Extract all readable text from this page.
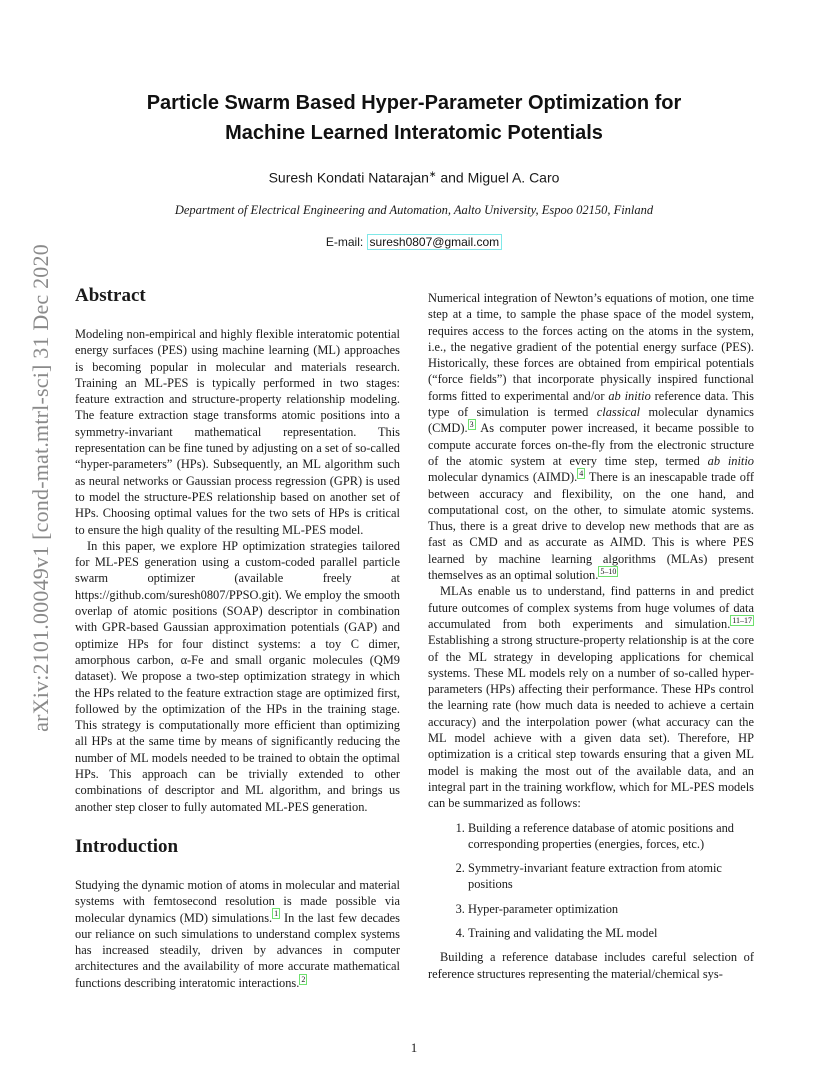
arXiv:2101.00049v1 [cond-mat.mtrl-sci] 31 Dec 2020
Particle Swarm Based Hyper-Parameter Optimization for
Machine Learned Interatomic Potentials
Suresh Kondati Natarajan∗ and Miguel A. Caro
Department of Electrical Engineering and Automation, Aalto University, Espoo 02150, Finland
E-mail: suresh0807@gmail.com
Abstract

Modeling non-empirical and highly flexible interatomic potential energy surfaces (PES) using machine learning (ML) approaches is becoming popular in molecular and materials research. Training an ML-PES is typically performed in two stages: feature extraction and structure-property relationship modeling. The feature extraction stage transforms atomic positions into a symmetry-invariant mathematical representation. This representation can be fine tuned by adjusting on a set of so-called “hyper-parameters” (HPs). Subsequently, an ML algorithm such as neural networks or Gaussian process regression (GPR) is used to model the structure-PES relationship based on another set of HPs. Choosing optimal values for the two sets of HPs is critical to ensure the high quality of the resulting ML-PES model.

In this paper, we explore HP optimization strategies tailored for ML-PES generation using a custom-coded parallel particle swarm optimizer (available freely at https://github.com/suresh0807/PPSO.git). We employ the smooth overlap of atomic positions (SOAP) descriptor in combination with GPR-based Gaussian approximation potentials (GAP) and optimize HPs for four distinct systems: a toy C dimer, amorphous carbon, α-Fe and small organic molecules (QM9 dataset). We propose a two-step optimization strategy in which the HPs related to the feature extraction stage are optimized first, followed by the optimization of the HPs in the training stage. This strategy is computationally more efficient than optimizing all HPs at the same time by means of significantly reducing the number of ML models needed to be trained to obtain the optimal HPs. This approach can be trivially extended to other combinations of descriptor and ML algorithm, and brings us another step closer to fully automated ML-PES generation.

Introduction

Studying the dynamic motion of atoms in molecular and material systems with femtosecond resolution is made possible via molecular dynamics (MD) simulations. $^1$ In the last few decades our reliance on such simulations to understand complex systems has increased steadily, driven by advances in computer architectures and the availability of more accurate mathematical functions describing interatomic interactions. $^2$

Numerical integration of Newton’s equations of motion, one time step at a time, to sample the phase space of the model system, requires access to the forces acting on the atoms in the system, i.e., the negative gradient of the potential energy surface (PES). Historically, these forces are obtained from empirical potentials (“force fields”) that incorporate physically inspired functional forms fitted to experimental and/or ab initio reference data. This type of simulation is termed classical molecular dynamics (CMD). $^3$ As computer power increased, it became possible to compute accurate forces on-the-fly from the electronic structure of the atomic system at every time step, termed ab initio molecular dynamics (AIMD). $^4$ There is an inescapable trade off between accuracy and flexibility, on the one hand, and computational cost, on the other, to simulate atomic systems. Thus, there is a great drive to develop new methods that are as fast as CMD and as accurate as AIMD. This is where PES learned by machine learning algorithms (MLAs) present themselves as an optimal solution. $^{5-10}$

MLAs enable us to understand, find patterns in and predict future outcomes of complex systems from huge volumes of data accumulated from both experiments and simulation. $^{11-17}$ Establishing a strong structure-property relationship is at the core of the ML strategy in developing applications for chemical systems. These ML models rely on a number of so-called hyper-parameters (HPs) affecting their performance. These HPs control the learning rate (how much data is needed to achieve a certain accuracy) and the interpolation power (what accuracy can the ML model achieve with a given data set). Therefore, HP optimization is a critical step towards ensuring that a given ML model is making the most out of the available data, and an integral part in the training workflow, which for ML-PES models can be summarized as follows:

1. Building a reference database of atomic positions and corresponding properties (energies, forces, etc.)
2. Symmetry-invariant feature extraction from atomic positions
3. Hyper-parameter optimization
4. Training and validating the ML model

Building a reference database includes careful selection of reference structures representing the material/chemical sys-

1
